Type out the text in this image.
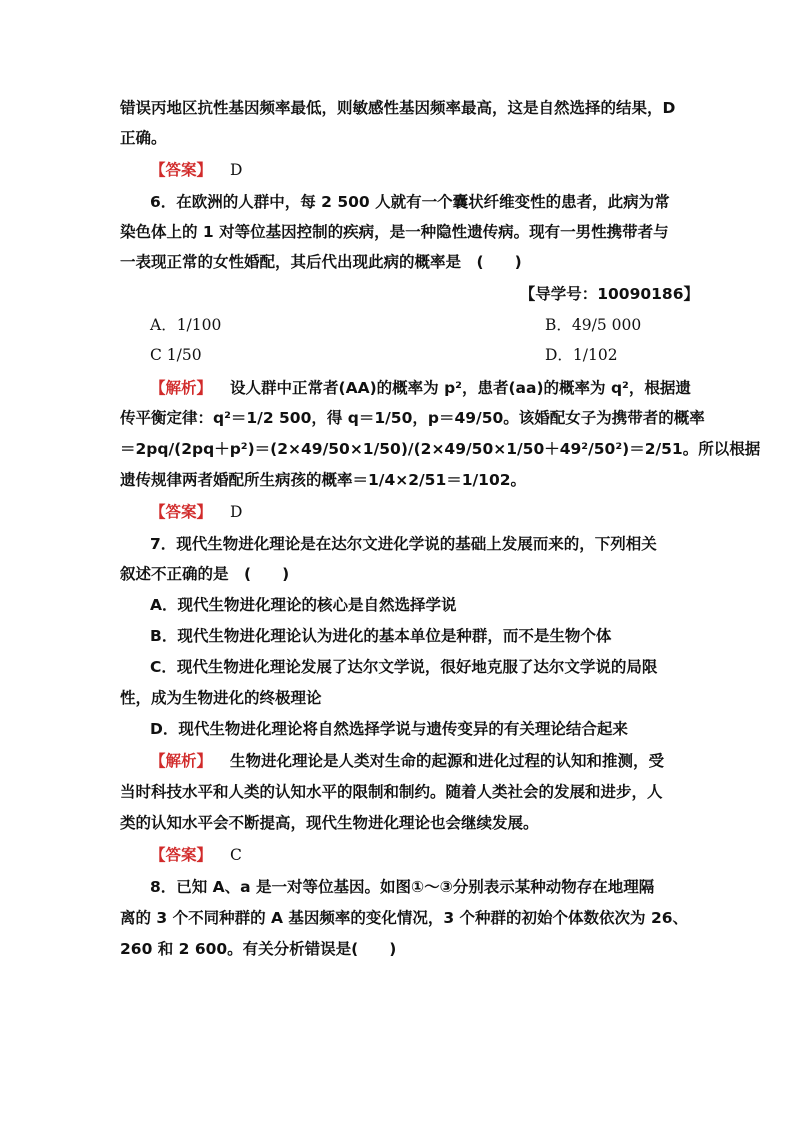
错误丙地区抗性基因频率最低，则敏感性基因频率最高，这是自然选择的结果，D
正确。
【答案】 D
6．在欧洲的人群中，每 2 500 人就有一个囊状纤维变性的患者，此病为常
染色体上的 1 对等位基因控制的疾病，是一种隐性遗传病。现有一男性携带者与
一表现正常的女性婚配，其后代出现此病的概率是　(　　)
【导学号：10090186】
A．1/100	B．49/5 000
C 1/50	D．1/102
【解析】 设人群中正常者(AA)的概率为 p²，患者(aa)的概率为 q²，根据遗
传平衡定律：q²＝1/2 500，得 q＝1/50，p＝49/50。该婚配女子为携带者的概率
＝2pq/(2pq＋p²)＝(2×49/50×1/50)/(2×49/50×1/50＋49²/50²)＝2/51。所以根据
遗传规律两者婚配所生病孩的概率＝1/4×2/51＝1/102。
【答案】 D
7．现代生物进化理论是在达尔文进化学说的基础上发展而来的，下列相关
叙述不正确的是　(　　)
A．现代生物进化理论的核心是自然选择学说
B．现代生物进化理论认为进化的基本单位是种群，而不是生物个体
C．现代生物进化理论发展了达尔文学说，很好地克服了达尔文学说的局限
性，成为生物进化的终极理论
D．现代生物进化理论将自然选择学说与遗传变异的有关理论结合起来
【解析】 生物进化理论是人类对生命的起源和进化过程的认知和推测，受
当时科技水平和人类的认知水平的限制和制约。随着人类社会的发展和进步，人
类的认知水平会不断提高，现代生物进化理论也会继续发展。
【答案】 C
8．已知 A、a 是一对等位基因。如图①～③分别表示某种动物存在地理隔
离的 3 个不同种群的 A 基因频率的变化情况，3 个种群的初始个体数依次为 26、
260 和 2 600。有关分析错误是(　　)
